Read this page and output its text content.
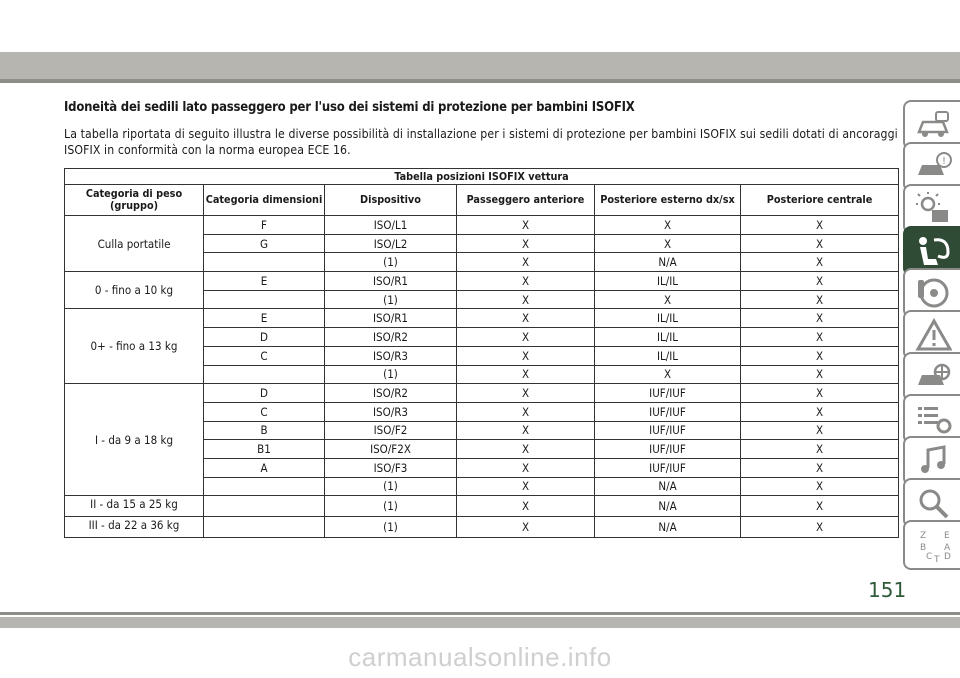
Idoneità dei sedili lato passeggero per l'uso dei sistemi di protezione per bambini ISOFIX
La tabella riportata di seguito illustra le diverse possibilità di installazione per i sistemi di protezione per bambini ISOFIX sui sedili dotati di ancoraggi ISOFIX in conformità con la norma europea ECE 16.
Tabella posizioni ISOFIX vettura					
Categoria di peso (gruppo)	Categoria dimensioni	Dispositivo	Passeggero anteriore	Posteriore esterno dx/sx	Posteriore centrale
Culla portatile	F	ISO/L1	X	X	X
	G	ISO/L2	X	X	X
		(1)	X	N/A	X
0 - fino a 10 kg	E	ISO/R1	X	IL/IL	X
		(1)	X	X	X
0+ - fino a 13 kg	E	ISO/R1	X	IL/IL	X
	D	ISO/R2	X	IL/IL	X
	C	ISO/R3	X	IL/IL	X
		(1)	X	X	X
I - da 9 a 18 kg	D	ISO/R2	X	IUF/IUF	X
	C	ISO/R3	X	IUF/IUF	X
	B	ISO/F2	X	IUF/IUF	X
	B1	ISO/F2X	X	IUF/IUF	X
	A	ISO/F3	X	IUF/IUF	X
		(1)	X	N/A	X
II - da 15 a 25 kg		(1)	X	N/A	X
III - da 22 a 36 kg		(1)	X	N/A	X
!
Z E
B A
C D
T
151
carmanualsonline.info
